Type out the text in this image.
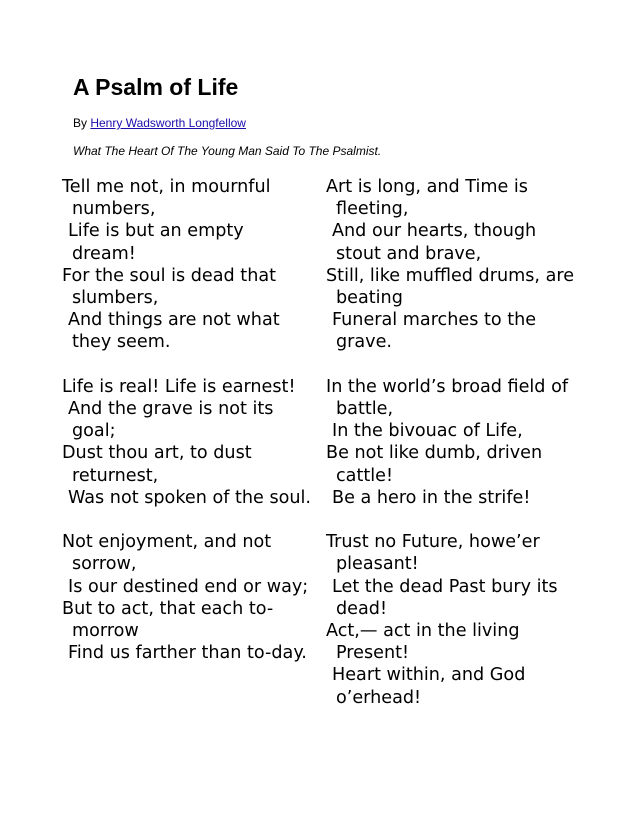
A Psalm of Life
By Henry Wadsworth Longfellow
What The Heart Of The Young Man Said To The Psalmist.
Tell me not, in mournful numbers,
Life is but an empty dream!
For the soul is dead that slumbers,
And things are not what they seem.
Life is real! Life is earnest!
And the grave is not its goal;
Dust thou art, to dust returnest,
Was not spoken of the soul.
Not enjoyment, and not sorrow,
Is our destined end or way;
But to act, that each to-morrow
Find us farther than to-day.
Art is long, and Time is fleeting,
And our hearts, though stout and brave,
Still, like muffled drums, are beating
Funeral marches to the grave.
In the world’s broad field of battle,
In the bivouac of Life,
Be not like dumb, driven cattle!
Be a hero in the strife!
Trust no Future, howe’er pleasant!
Let the dead Past bury its dead!
Act,— act in the living Present!
Heart within, and God o’erhead!
